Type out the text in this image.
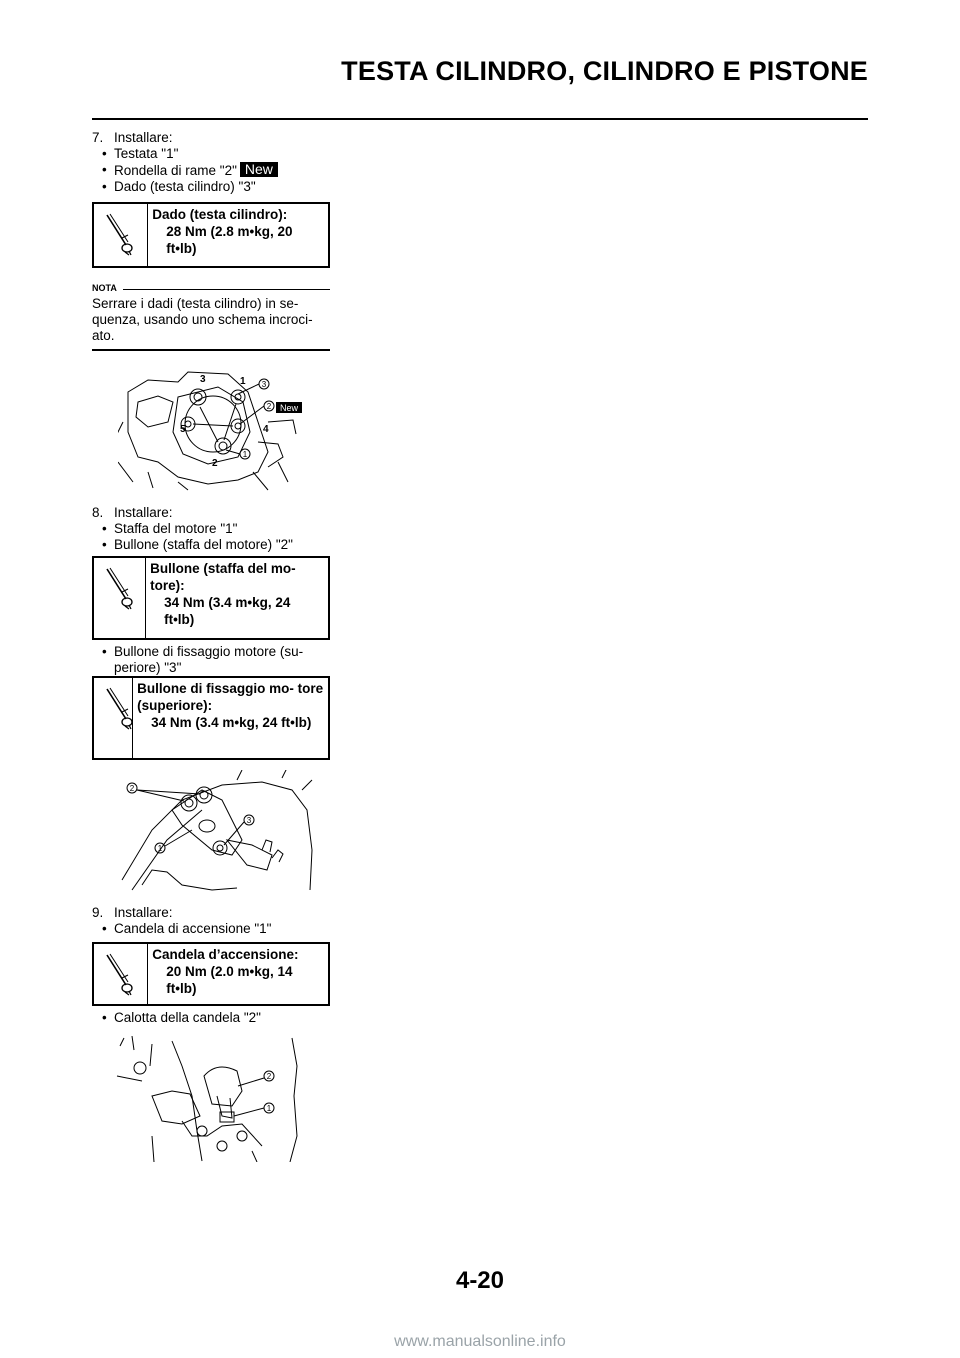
TESTA CILINDRO, CILINDRO E PISTONE

7. Installare:

• Testata "1"
• Rondella di rame "2" New
• Dado (testa cilindro) "3"
Dado (testa cilindro):
28 Nm (2.8 m•kg, 20 ft•lb)
NOTA
Serrare i dadi (testa cilindro) in se- quenza, usando uno schema incroci- ato.
3	1
4
5
2
3
2
1
New

8. Installare:

• Staffa del motore "1"
• Bullone (staffa del motore) "2"
Bullone (staffa del mo- tore):
34 Nm (3.4 m•kg, 24 ft•lb)
• Bullone di fissaggio motore (su- periore) "3"
Bullone di fissaggio mo- tore (superiore):
34 Nm (3.4 m•kg, 24 ft•lb)
2
3
1

9. Installare:

• Candela di accensione "1"
Candela d’accensione:
20 Nm (2.0 m•kg, 14 ft•lb)
• Calotta della candela "2"
2
1

4-20

www.manualsonline.info
